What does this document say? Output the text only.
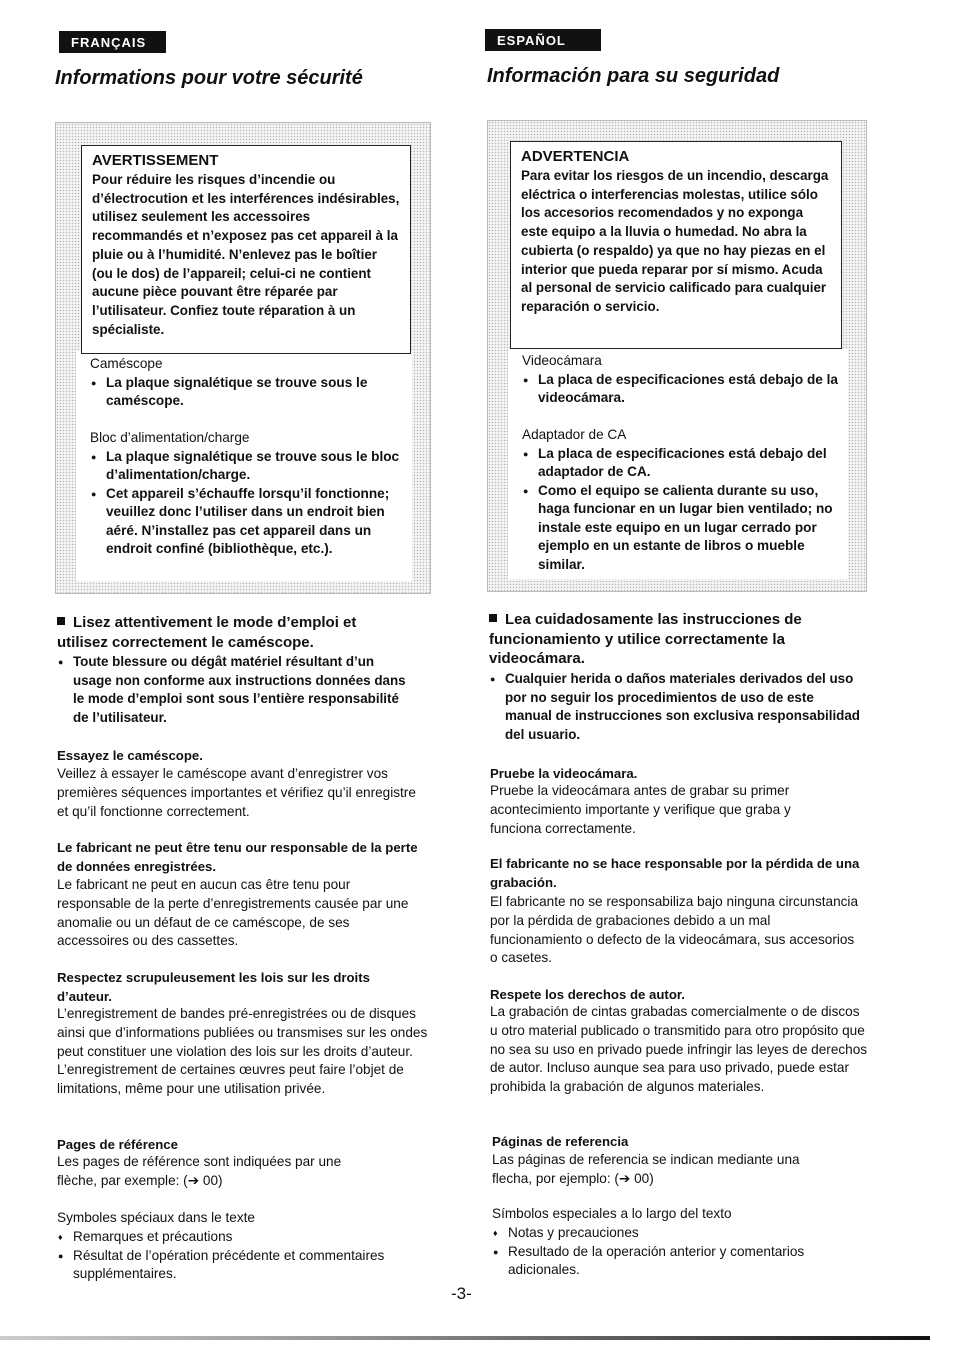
FRANÇAIS
Informations pour votre sécurité

AVERTISSEMENT

Pour réduire les risques d’incendie ou d’électrocution et les interférences indésirables, utilisez seulement les accessoires recommandés et n’exposez pas cet appareil à la pluie ou à l’humidité. N’enlevez pas le boîtier (ou le dos) de l’appareil; celui-ci ne contient aucune pièce pouvant être réparée par l’utilisateur. Confiez toute réparation à un spécialiste.

Caméscope

● La plaque signalétique se trouve sous le caméscope.

Bloc d’alimentation/charge

● La plaque signalétique se trouve sous le bloc d’alimentation/charge.
● Cet appareil s’échauffe lorsqu’il fonctionne; veuillez donc l’utiliser dans un endroit bien aéré. N’installez pas cet appareil dans un endroit confiné (bibliothèque, etc.).

Lisez attentivement le mode d’emploi et utilisez correctement le caméscope.

● Toute blessure ou dégât matériel résultant d’un usage non conforme aux instructions données dans le mode d’emploi sont sous l’entière responsabilité de l’utilisateur.

Essayez le caméscope.

Veillez à essayer le caméscope avant d’enregistrer vos premières séquences importantes et vérifiez qu’il enregistre et qu’il fonctionne correctement.

Le fabricant ne peut être tenu our responsable de la perte de données enregistrées.

Le fabricant ne peut en aucun cas être tenu pour responsable de la perte d’enregistrements causée par une anomalie ou un défaut de ce caméscope, de ses accessoires ou des cassettes.

Respectez scrupuleusement les lois sur les droits d’auteur.

L’enregistrement de bandes pré-enregistrées ou de disques ainsi que d’informations publiées ou transmises sur les ondes peut constituer une violation des lois sur les droits d’auteur. L’enregistrement de certaines œuvres peut faire l’objet de limitations, même pour une utilisation privée.

Pages de référence

Les pages de référence sont indiquées par une flèche, par exemple: (➔ 00)

Symboles spéciaux dans le texte

♦ Remarques et précautions
● Résultat de l’opération précédente et commentaires supplémentaires.
ESPAÑOL
Información para su seguridad

ADVERTENCIA

Para evitar los riesgos de un incendio, descarga eléctrica o interferencias molestas, utilice sólo los accesorios recomendados y no exponga este equipo a la lluvia o humedad. No abra la cubierta (o respaldo) ya que no hay piezas en el interior que pueda reparar por sí mismo. Acuda al personal de servicio calificado para cualquier reparación o servicio.

Videocámara

● La placa de especificaciones está debajo de la videocámara.

Adaptador de CA

● La placa de especificaciones está debajo del adaptador de CA.
● Como el equipo se calienta durante su uso, haga funcionar en un lugar bien ventilado; no instale este equipo en un lugar cerrado por ejemplo en un estante de libros o mueble similar.

Lea cuidadosamente las instrucciones de funcionamiento y utilice correctamente la videocámara.

● Cualquier herida o daños materiales derivados del uso por no seguir los procedimientos de uso de este manual de instrucciones son exclusiva responsabilidad del usuario.

Pruebe la videocámara.

Pruebe la videocámara antes de grabar su primer acontecimiento importante y verifique que graba y funciona correctamente.

El fabricante no se hace responsable por la pérdida de una grabación.

El fabricante no se responsabiliza bajo ninguna circunstancia por la pérdida de grabaciones debido a un mal funcionamiento o defecto de la videocámara, sus accesorios o casetes.

Respete los derechos de autor.

La grabación de cintas grabadas comercialmente o de discos u otro material publicado o transmitido para otro propósito que no sea su uso en privado puede infringir las leyes de derechos de autor. Incluso aunque sea para uso privado, puede estar prohibida la grabación de algunos materiales.

Páginas de referencia

Las páginas de referencia se indican mediante una flecha, por ejemplo: (➔ 00)

Símbolos especiales a lo largo del texto

♦ Notas y precauciones
● Resultado de la operación anterior y comentarios adicionales.
-3-
